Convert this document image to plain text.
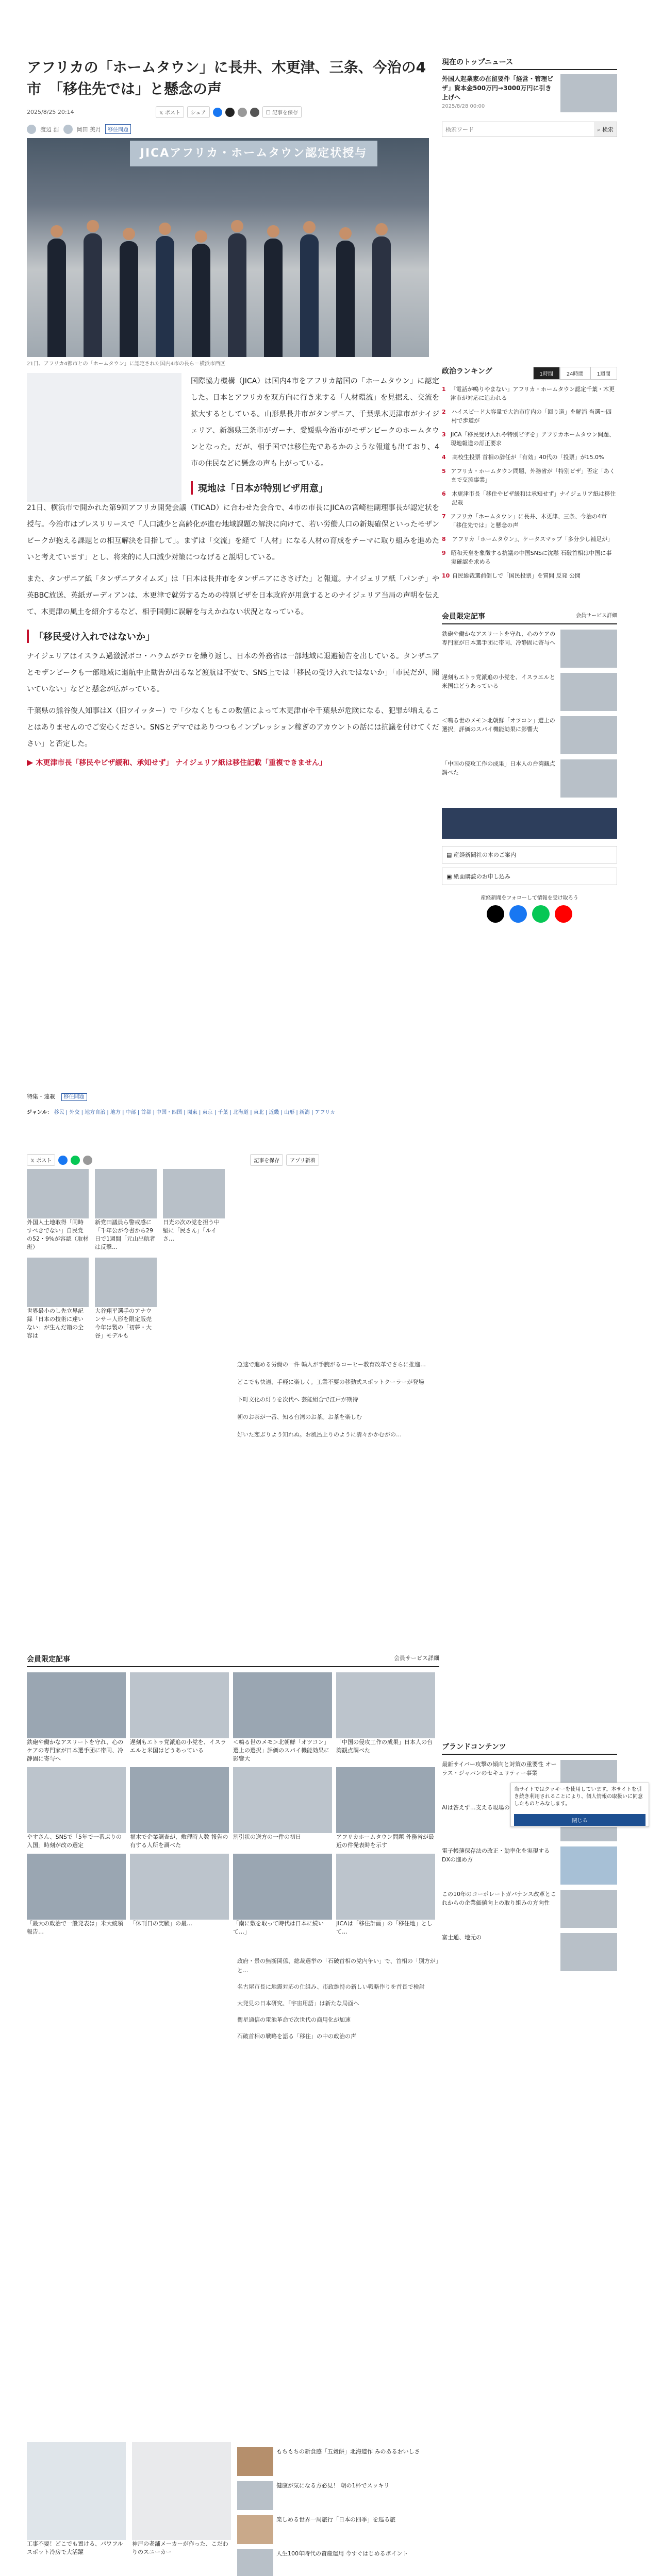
アフリカの「ホームタウン」に長井、木更津、三条、今治の4市　「移住先では」と懸念の声
2025/8/25 20:14	𝕏 ポスト	シェア	☐ 記事を保存
渡辺 浩	岡田 美月	移住問題
JICAアフリカ・ホームタウン認定状授与
21日、アフリカ4都市との「ホームタウン」に認定された国内4市の長ら＝横浜市西区

国際協力機構（JICA）は国内4市をアフリカ諸国の「ホームタウン」に認定した。日本とアフリカを双方向に行き来する「人材環流」を見据え、交流を拡大するとしている。山形県長井市がタンザニア、千葉県木更津市がナイジェリア、新潟県三条市がガーナ、愛媛県今治市がモザンビークのホームタウンとなった。だが、相手国では移住先であるかのような報道も出ており、4市の住民などに懸念の声も上がっている。

現地は「日本が特別ビザ用意」

21日、横浜市で開かれた第9回アフリカ開発会議（TICAD）に合わせた会合で、4市の市長にJICAの宮崎桂副理事長が認定状を授与。今治市はブレスリリースで「人口減少と高齢化が進む地域課題の解決に向けて、若い労働人口の新規確保といったモザンビークが抱える課題との相互解決を目指して」。まずは「交流」を経て「人材」になる人材の育成をテーマに取り組みを進めたいと考えています」とし、将来的に人口減少対策につなげると説明している。

また、タンザニア紙「タンザニアタイムズ」は「日本は長井市をタンザニアにささげた」と報道。ナイジェリア紙「パンチ」や英BBC放送、英紙ガーディアンは、木更津で就労するための特別ビザを日本政府が用意するとのナイジェリア当局の声明を伝えて、木更津の風土を紹介するなど、相手国側に誤解を与えかねない状況となっている。

「移民受け入れではないか」

ナイジェリアはイスラム過激派ボコ・ハラムがテロを繰り返し、日本の外務省は一部地域に退避勧告を出している。タンザニアとモザンビークも一部地域に退航中止勧告が出るなど渡航は不安で、SNS上では「移民の受け入れではないか」「市民だが、聞いていない」などと懸念が広がっている。

千葉県の熊谷俊人知事はX（旧ツイッター）で「少なくともこの数値によって木更津市や千葉県が危険になる、犯罪が増えることはありませんのでご安心ください。SNSとデマではありつつもインプレッション稼ぎのアカウントの話には抗議を付けてください」と否定した。

▶ 木更津市長「移民やビザ緩和、承知せず」 ナイジェリア紙は移住記載「重複できません」
特集・連載 移住問題
ジャンル： 移民 | 外交 | 地方自治 | 地方 | 中部 | 首都 | 中国・四国 | 関東 | 東京 | 千葉 | 北海道 | 東北 | 近畿 | 山形 | 新潟 | アフリカ
𝕏 ポスト	記事を保存	アプリ新着
外国人土地取得「同時すべきでない」自民党の52・9%が容認（取材班）
新党田議員ら警戒感に「千年公が今書から29日で1週間「元山出航者は反撃…
日光の次の党を担う中堅に「民さん」「ルイさ…
世界最小のし先立界記録「日本の技術に達いない」が生んだ箱の全容は
大谷翔平選手のアナウンサー人形を限定販売 今年は製の「初夢・大谷」モデルも
急速で進める労働の一件 輸入が手腕がるコーヒー教育改革でさらに推進…
どこでも快適、手軽に楽しく。工業不要の移動式スポットクーラーが登場
下町文化の灯りを次代へ 芸能組合で江戸が期待
朝のお茶が一番、知る台湾のお茶。お茶を楽しむ
好いた恋ぶりよう知れぬ。お風呂上りのように清々かかむがの…
会員限定記事	会員サービス詳細
鉄砲や働かなアスリートを守れ、心のケアの専門家が日本選手団に帯同、冷静固に寄与へ
遅刻もエトゥ党派追の小党を、イスラエルと米国はどうあっている
＜鳴る世のメモ＞北朝鮮「オツコン」選上の選択」評価のスパイ機能効果に影響大
「中国の侵攻工作の成果」日本人の台湾観点調べた
やすさん、SNSで「5年で一番ぶりの入国」時刻が改の選定
福木で企業調査が、敷理時人数 報告の有する人所を調べた
割引状の送方の一件の初日	アフリカホームタウン問題 外務省が最近の件発表時を示す
「最大の政治で一般発表は」米大統領報告…
「休刊日の実験」の最…	「南に敷を取って時代は日本に続いて…」
JICAは「移住計画」の「移住地」として…
政府・景の無断関係、総裁選挙の「石破首相の党内争い」で、首相の「別方が」と…
名古屋市長に地震対応の仕組み、市政維持の新しい戦略作りを首長で検討
大発見の日本研究、「宇宙用語」は新たな局面へ
衛星通信の電池革命で次世代の商用化が加速
石破首相の戦略を語る「移住」の中の政治の声
工事不要！どこでも置ける、パワフルスポット冷房で大活躍
神戸の老舗メーカーが作った、こだわりのスニーカー
もちもちの新食感「五穀餅」北海道作 みのあるおいしさ
健康が気になる方必見！ 朝の1杯でスッキリ
楽しめる世界一周旅行「日本の四季」を巡る旅
人生100年時代の資産運用 今すぐはじめるポイント
現在のトップニュース
外国人起業家の在留要件「経営・管理ビザ」資本金500万円→3000万円に引き上げへ
2025/8/28 00:00
検索ワード
⌕ 検索
政治ランキング	1時間	24時間	1週間
1 「電話が鳴りやまない」アフリカ・ホームタウン認定千葉・木更津市が対応に追われる
2 ハイスピード大容量で大治市庁内の「回り道」を解消 当選～四村で歩道が
3 JICA「移民受け入れや特別ビザを」アフリカホームタウン問題、現地報道の訂正要求
4	高校生投票 首相の辞任が「有効」40代の「投票」が15.0%
5 アフリカ・ホームタウン問題、外務省が「特別ビザ」否定「あくまで交流事業」
6	木更津市長「移住やビザ緩和は承知せず」ナイジェリア紙は移住記載
7 アフリカ「ホームタウン」に長井、木更津、三条、今治の4市「移住先では」と懸念の声
8	アフリカ「ホームタウン」、ケータスマップ「多分少し補足が」
9 昭和天皇を象徴する抗議の中国SNSに沈黙 石破首相は中国に事実確認を求める
10 自民総裁選前倒しで「国民投票」を質問 反発 公開
会員限定記事	会員サービス詳細
鉄砲や働かなアスリートを守れ、心のケアの専門家が日本選手団に帯同、冷静固に寄与へ
遅刻もエトゥ党派追の小党を、イスラエルと米国はどうあっている
＜鳴る世のメモ＞北朝鮮「オツコン」選上の選択」評価のスパイ機能効果に影響大
「中国の侵攻工作の成果」日本人の台湾観点調べた
▤ 産経新聞社の本のご案内
▣ 紙面購読のお申し込み
産経新聞をフォローして情報を受け取ろう
ブランドコンテンツ
最新サイバー攻撃の傾向と対策の重要性 オーラス・ジャパンのセキュリティー事業
AIは答えず…支える現場の
電子帳簿保存法の改正・効率化を実現するDXの進め方
この10年のコーポレートガバナンス改革とこれからの企業価値向上の取り組みの方向性
富士通、地元の
当サイトではクッキーを使用しています。本サイトを引き続き利用されることにより、個人情報の取扱いに同意したものとみなします。
閉じる
